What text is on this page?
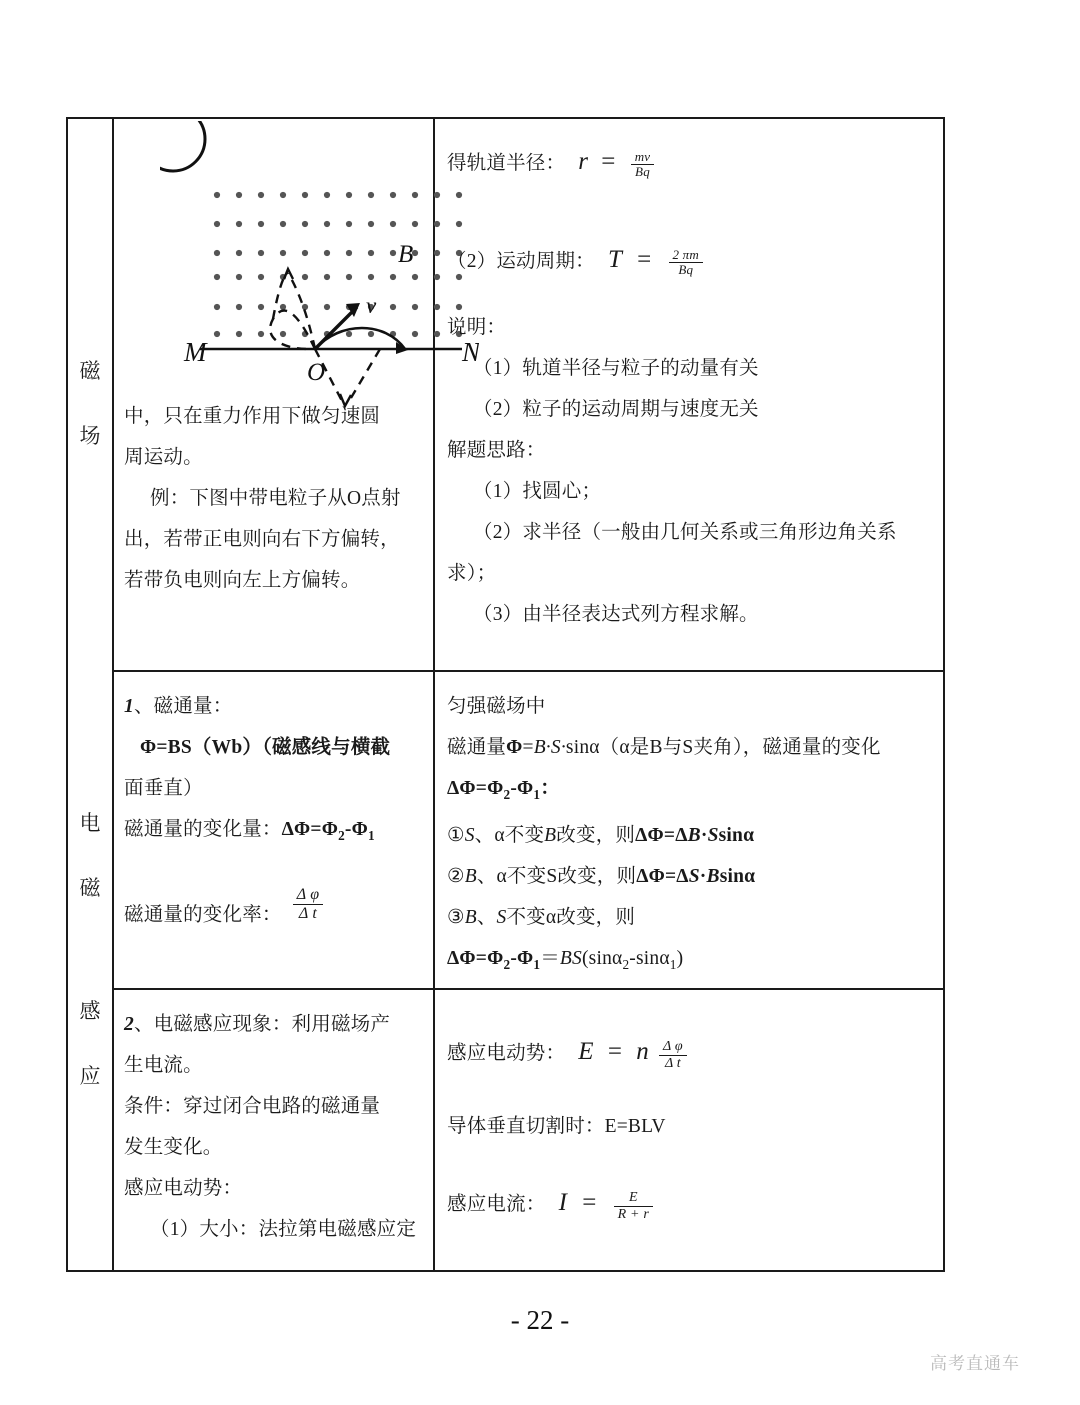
磁
场
电
磁
感
应
M	N
O
B
v

中，只在重力作用下做匀速圆

周运动。

例：下图中带电粒子从O点射

出，若带正电则向右下方偏转，

若带负电则向左上方偏转。

得轨道半径： $r = \frac{mv}{Bq}$

（2）运动周期： $T = \frac{2 \pi m}{Bq}$

说明：

（1）轨道半径与粒子的动量有关

（2）粒子的运动周期与速度无关

解题思路：

（1）找圆心；

（2）求半径（一般由几何关系或三角形边角关系

求）；

（3）由半径表达式列方程求解。

1、磁通量：

Φ=BS（Wb）（磁感线与横截

面垂直）

磁通量的变化量：$\Delta\Phi=\Phi_2-\Phi_1$

磁通量的变化率： $\frac{\text{Δ φ}}{\text{Δ t}}$

匀强磁场中

磁通量Φ=B·S·sinα（α是B与S夹角），磁通量的变化

$\Delta\Phi=\Phi_2-\Phi_1$：

①S、α不变B改变，则ΔΦ=ΔB·Ssinα

②B、α不变S改变，则ΔΦ=ΔS·Bsinα

③B、S不变α改变，则

$\Delta\Phi=\Phi_2-\Phi_1=BS(\sin\alpha_2-\sin\alpha_1)$

2、电磁感应现象：利用磁场产

生电流。

条件：穿过闭合电路的磁通量

发生变化。

感应电动势：

（1）大小：法拉第电磁感应定

感应电动势： E = n $\frac{\text{Δ φ}}{\text{Δ t}}$

导体垂直切割时：E=BLV

感应电流： $I = \frac{E}{R + r}$

- 22 -
高考直通车
